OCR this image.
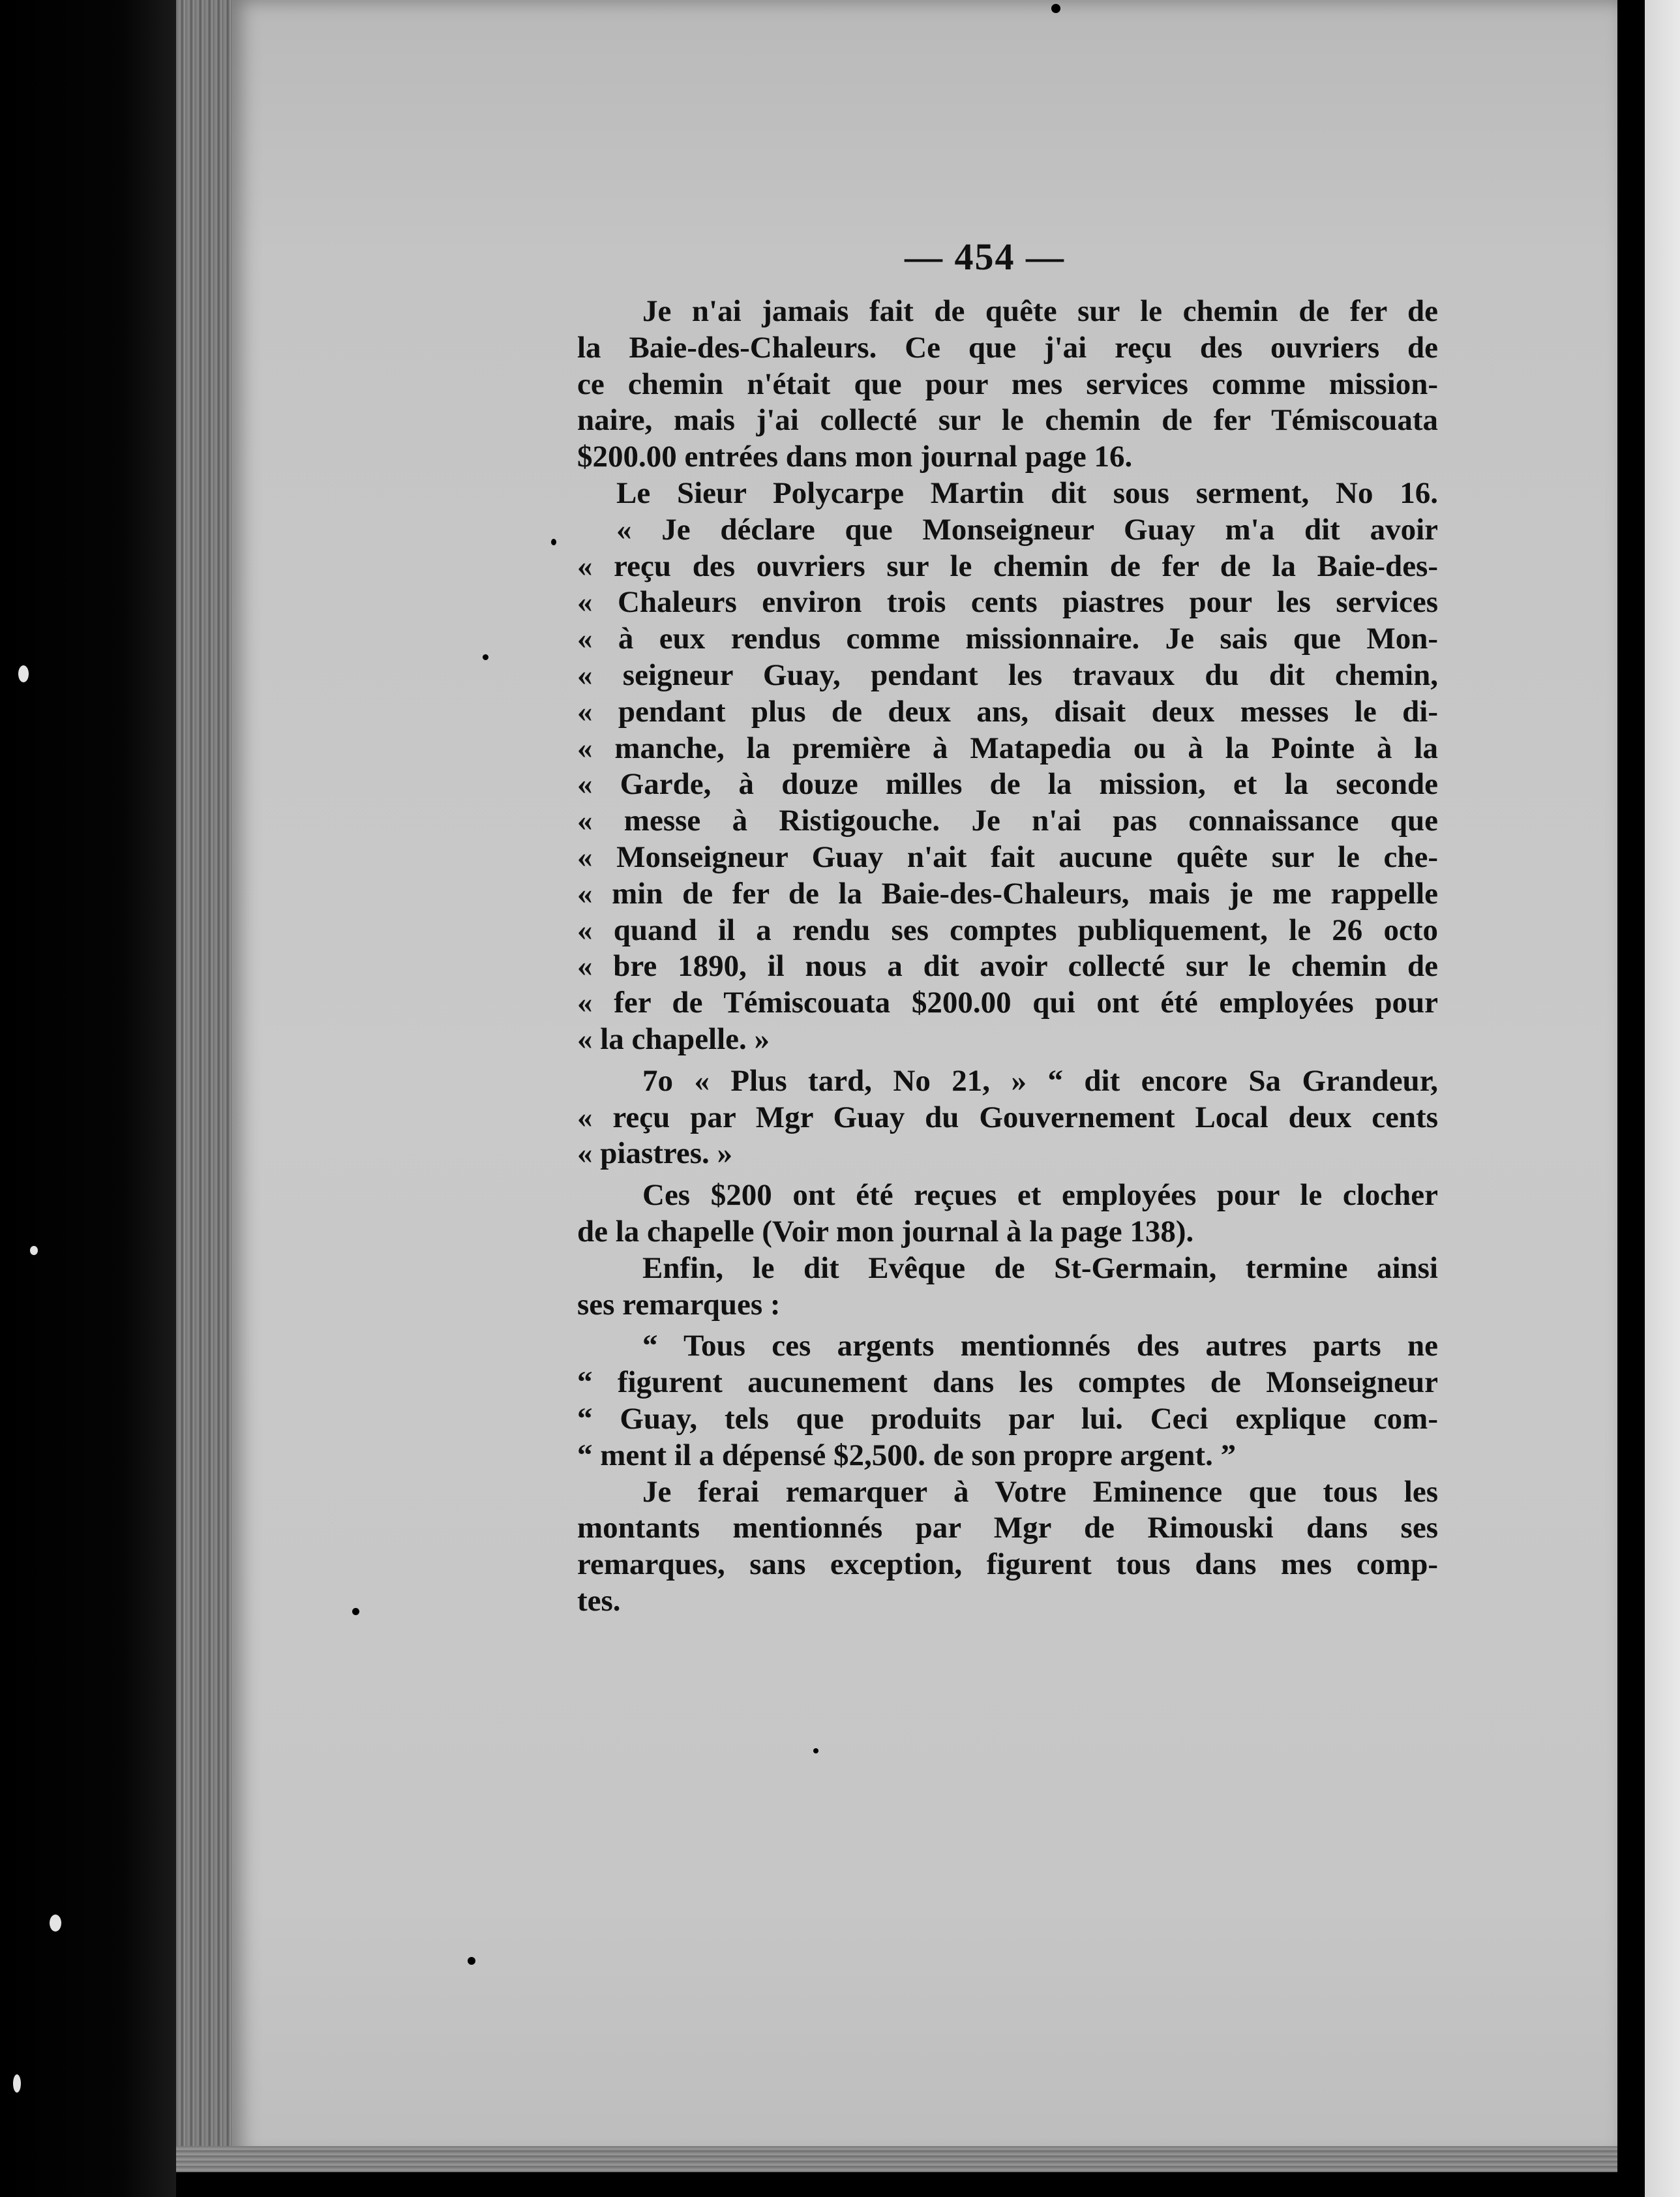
— 454 —
Je n'ai jamais fait de quête sur le chemin de fer de
la Baie-des-Chaleurs. Ce que j'ai reçu des ouvriers de
ce chemin n'était que pour mes services comme mission-
naire, mais j'ai collecté sur le chemin de fer Témiscouata
$200.00 entrées dans mon journal page 16.
Le Sieur Polycarpe Martin dit sous serment, No 16.
« Je déclare que Monseigneur Guay m'a dit avoir
« reçu des ouvriers sur le chemin de fer de la Baie-des-
« Chaleurs environ trois cents piastres pour les services
« à eux rendus comme missionnaire. Je sais que Mon-
« seigneur Guay, pendant les travaux du dit chemin,
« pendant plus de deux ans, disait deux messes le di-
« manche, la première à Matapedia ou à la Pointe à la
« Garde, à douze milles de la mission, et la seconde
« messe à Ristigouche. Je n'ai pas connaissance que
« Monseigneur Guay n'ait fait aucune quête sur le che-
« min de fer de la Baie-des-Chaleurs, mais je me rappelle
« quand il a rendu ses comptes publiquement, le 26 octo
« bre 1890, il nous a dit avoir collecté sur le chemin de
« fer de Témiscouata $200.00 qui ont été employées pour
« la chapelle. »
7o « Plus tard, No 21, » “ dit encore Sa Grandeur,
« reçu par Mgr Guay du Gouvernement Local deux cents
« piastres. »
Ces $200 ont été reçues et employées pour le clocher
de la chapelle (Voir mon journal à la page 138).
Enfin, le dit Evêque de St-Germain, termine ainsi
ses remarques :
“ Tous ces argents mentionnés des autres parts ne
“ figurent aucunement dans les comptes de Monseigneur
“ Guay, tels que produits par lui. Ceci explique com-
“ ment il a dépensé $2,500. de son propre argent. ”
Je ferai remarquer à Votre Eminence que tous les
montants mentionnés par Mgr de Rimouski dans ses
remarques, sans exception, figurent tous dans mes comp-
tes.
